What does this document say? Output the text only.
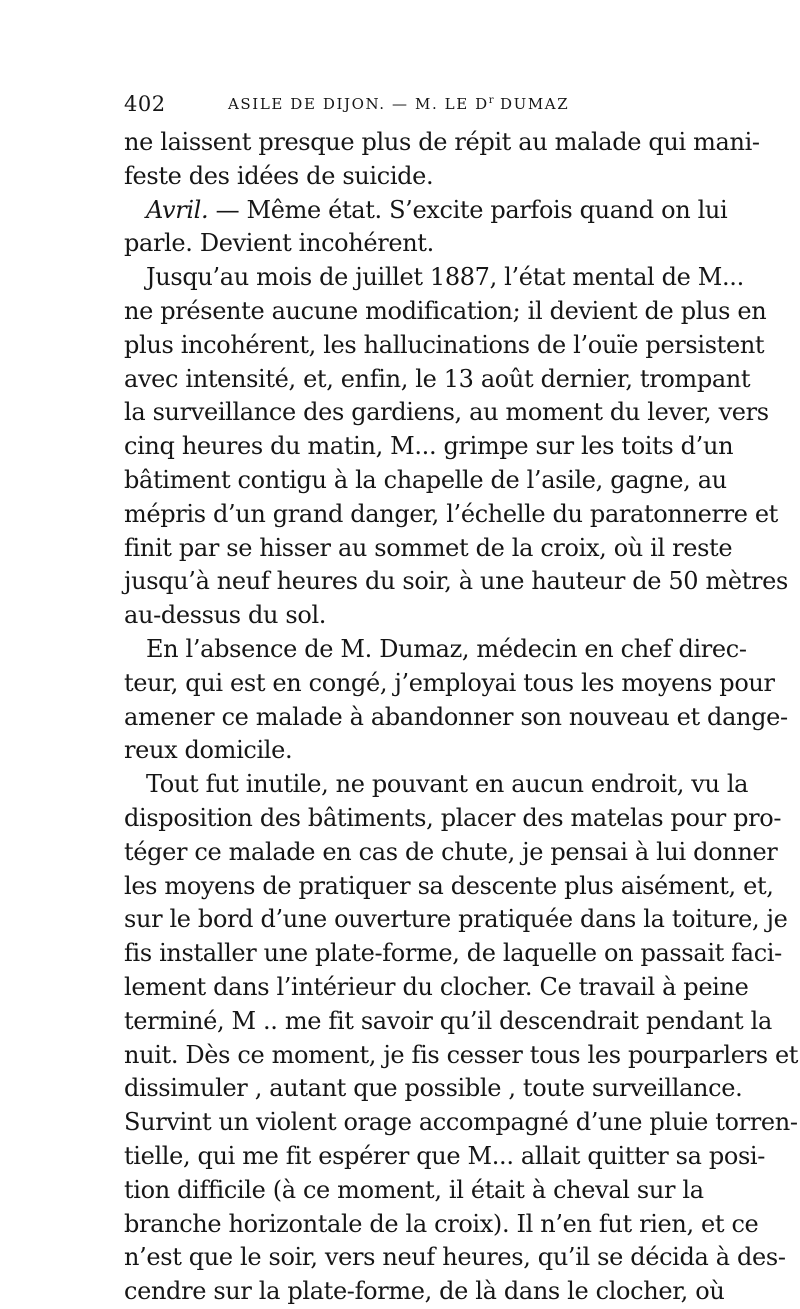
402	ASILE DE DIJON. — M. LE $D^r$ DUMAZ
ne laissent presque plus de répit au malade qui mani-
feste des idées de suicide.
Avril. — Même état. S’excite parfois quand on lui
parle. Devient incohérent.
Jusqu’au mois de juillet 1887, l’état mental de M...
ne présente aucune modification; il devient de plus en
plus incohérent, les hallucinations de l’ouïe persistent
avec intensité, et, enfin, le 13 août dernier, trompant
la surveillance des gardiens, au moment du lever, vers
cinq heures du matin, M... grimpe sur les toits d’un
bâtiment contigu à la chapelle de l’asile, gagne, au
mépris d’un grand danger, l’échelle du paratonnerre et
finit par se hisser au sommet de la croix, où il reste
jusqu’à neuf heures du soir, à une hauteur de 50 mètres
au-dessus du sol.
En l’absence de M. Dumaz, médecin en chef direc-
teur, qui est en congé, j’employai tous les moyens pour
amener ce malade à abandonner son nouveau et dange-
reux domicile.
Tout fut inutile, ne pouvant en aucun endroit, vu la
disposition des bâtiments, placer des matelas pour pro-
téger ce malade en cas de chute, je pensai à lui donner
les moyens de pratiquer sa descente plus aisément, et,
sur le bord d’une ouverture pratiquée dans la toiture, je
fis installer une plate-forme, de laquelle on passait faci-
lement dans l’intérieur du clocher. Ce travail à peine
terminé, M .. me fit savoir qu’il descendrait pendant la
nuit. Dès ce moment, je fis cesser tous les pourparlers et
dissimuler , autant que possible , toute surveillance.
Survint un violent orage accompagné d’une pluie torren-
tielle, qui me fit espérer que M... allait quitter sa posi-
tion difficile (à ce moment, il était à cheval sur la
branche horizontale de la croix). Il n’en fut rien, et ce
n’est que le soir, vers neuf heures, qu’il se décida à des-
cendre sur la plate-forme, de là dans le clocher, où
